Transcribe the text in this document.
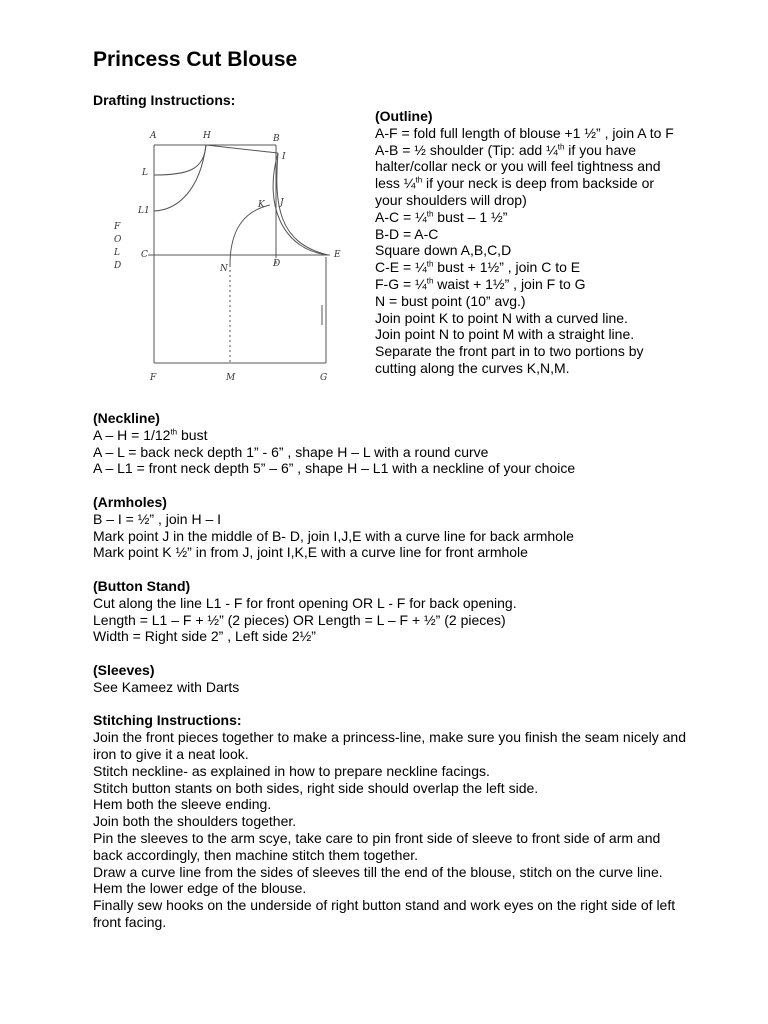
Princess Cut Blouse
Drafting Instructions:
A	H	B
I
L
L1
K J
C
N	D
E
F	M	G
F
O
L
D
(Outline)
A-F = fold full length of blouse +1 ½” , join A to F
A-B = ½ shoulder (Tip: add ¼$^{th}$ if you have halter/collar neck or you will feel tightness and less ¼$^{th}$ if your neck is deep from backside or your shoulders will drop)
A-C = ¼$^{th}$ bust – 1 ½”
B-D = A-C
Square down A,B,C,D
C-E = ¼$^{th}$ bust + 1½” , join C to E
F-G = ¼$^{th}$ waist + 1½” , join F to G
N = bust point (10” avg.)
Join point K to point N with a curved line.
Join point N to point M with a straight line.
Separate the front part in to two portions by cutting along the curves K,N,M.
(Neckline)
A – H = 1/12th bust
A – L = back neck depth 1” - 6” , shape H – L with a round curve
A – L1 = front neck depth 5” – 6” , shape H – L1 with a neckline of your choice
(Armholes)
B – I = ½” , join H – I
Mark point J in the middle of B- D, join I,J,E with a curve line for back armhole
Mark point K ½” in from J, joint I,K,E with a curve line for front armhole
(Button Stand)
Cut along the line L1 - F for front opening OR L - F for back opening.
Length = L1 – F + ½” (2 pieces) OR Length = L – F + ½” (2 pieces)
Width = Right side 2” , Left side 2½”
(Sleeves)
See Kameez with Darts
Stitching Instructions:
Join the front pieces together to make a princess-line, make sure you finish the seam nicely and iron to give it a neat look.
Stitch neckline- as explained in how to prepare neckline facings.
Stitch button stants on both sides, right side should overlap the left side.
Hem both the sleeve ending.
Join both the shoulders together.
Pin the sleeves to the arm scye, take care to pin front side of sleeve to front side of arm and back accordingly, then machine stitch them together.
Draw a curve line from the sides of sleeves till the end of the blouse, stitch on the curve line.
Hem the lower edge of the blouse.
Finally sew hooks on the underside of right button stand and work eyes on the right side of left front facing.
